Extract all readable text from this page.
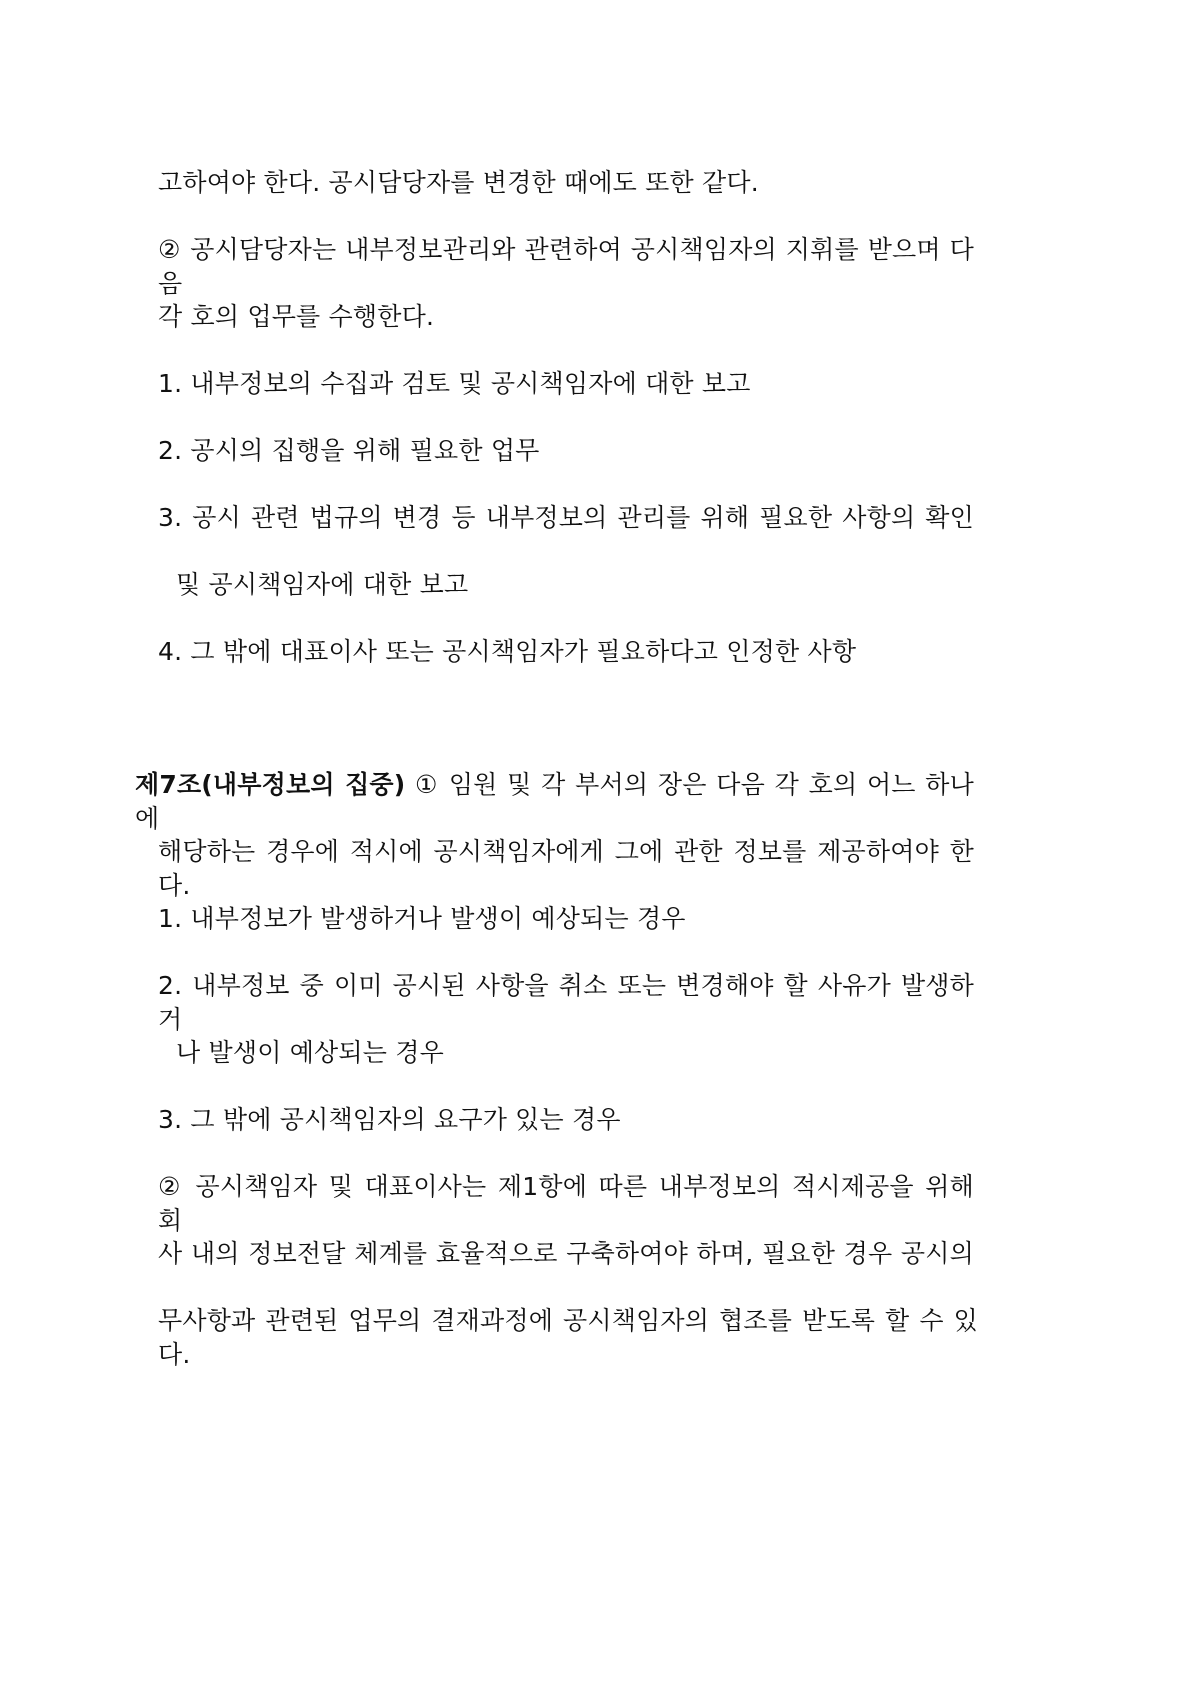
고하여야 한다. 공시담당자를 변경한 때에도 또한 같다.
② 공시담당자는 내부정보관리와 관련하여 공시책임자의 지휘를 받으며 다음
각 호의 업무를 수행한다.
1. 내부정보의 수집과 검토 및 공시책임자에 대한 보고
2. 공시의 집행을 위해 필요한 업무
3. 공시 관련 법규의 변경 등 내부정보의 관리를 위해 필요한 사항의 확인
및 공시책임자에 대한 보고
4. 그 밖에 대표이사 또는 공시책임자가 필요하다고 인정한 사항
제7조(내부정보의 집중) ① 임원 및 각 부서의 장은 다음 각 호의 어느 하나에
해당하는 경우에 적시에 공시책임자에게 그에 관한 정보를 제공하여야 한다.
1. 내부정보가 발생하거나 발생이 예상되는 경우
2. 내부정보 중 이미 공시된 사항을 취소 또는 변경해야 할 사유가 발생하거
나 발생이 예상되는 경우
3. 그 밖에 공시책임자의 요구가 있는 경우
② 공시책임자 및 대표이사는 제1항에 따른 내부정보의 적시제공을 위해 회
사 내의 정보전달 체계를 효율적으로 구축하여야 하며, 필요한 경우 공시의
무사항과 관련된 업무의 결재과정에 공시책임자의 협조를 받도록 할 수 있다.
